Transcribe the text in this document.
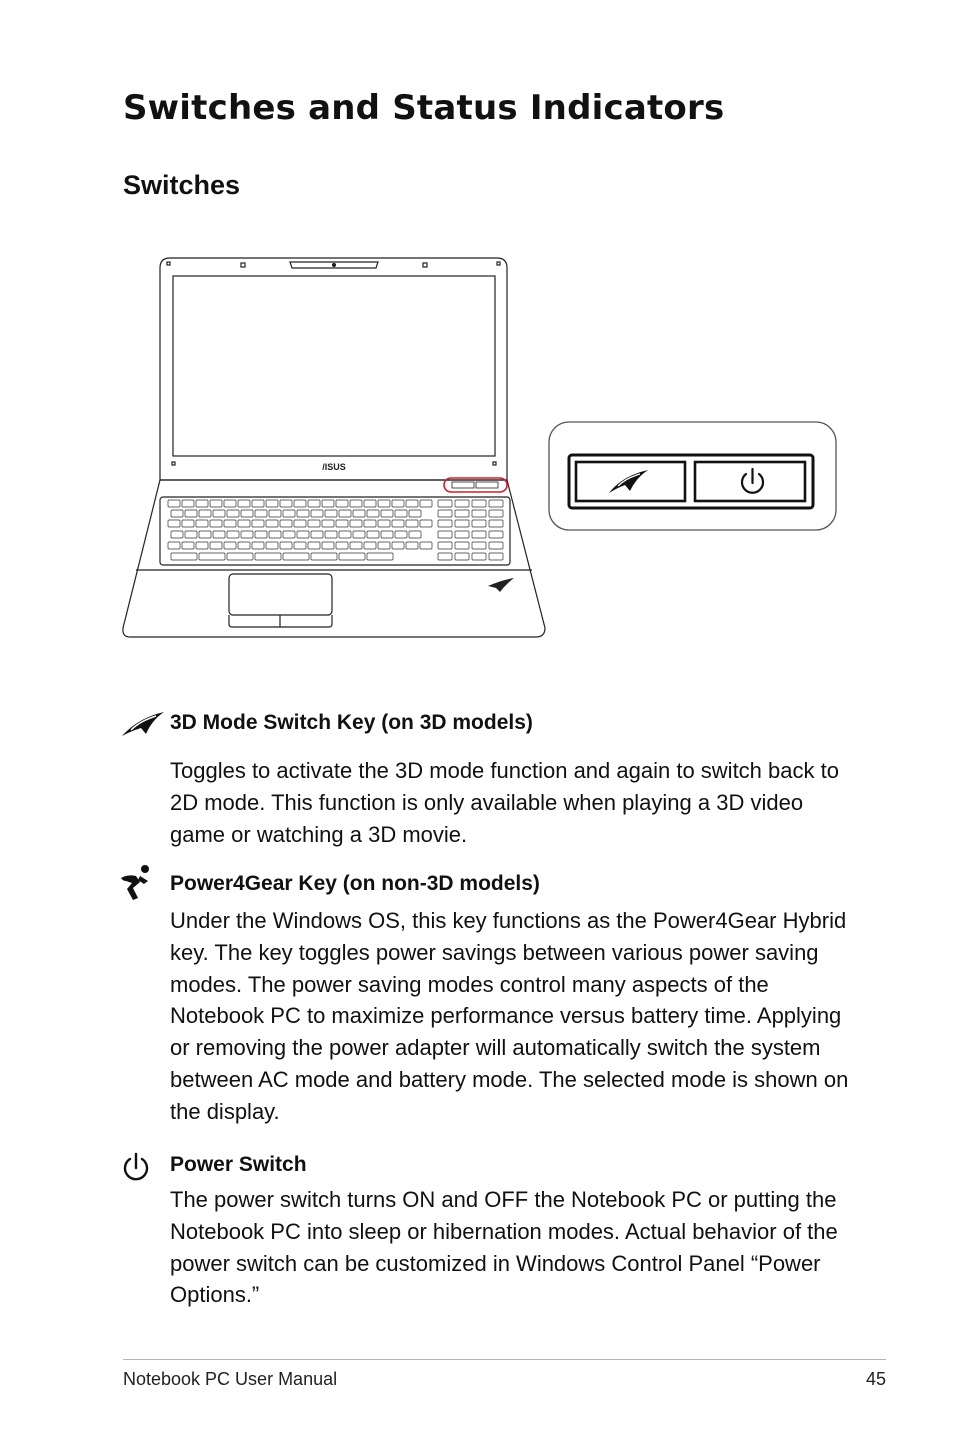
Switches and Status Indicators
Switches
/ISUS
3D Mode Switch Key (on 3D models)

Toggles to activate the 3D mode function and again to switch back to 2D mode. This function is only available when playing a 3D video game or watching a 3D movie.

Power4Gear Key (on non-3D models)

Under the Windows OS, this key functions as the Power4Gear Hybrid key. The key toggles power savings between various power saving modes. The power saving modes control many aspects of the Notebook PC to maximize performance versus battery time. Applying or removing the power adapter will automatically switch the system between AC mode and battery mode. The selected mode is shown on the display.

Power Switch

The power switch turns ON and OFF the Notebook PC or putting the Notebook PC into sleep or hibernation modes. Actual behavior of the power switch can be customized in Windows Control Panel “Power Options.”

Notebook PC User Manual	45
